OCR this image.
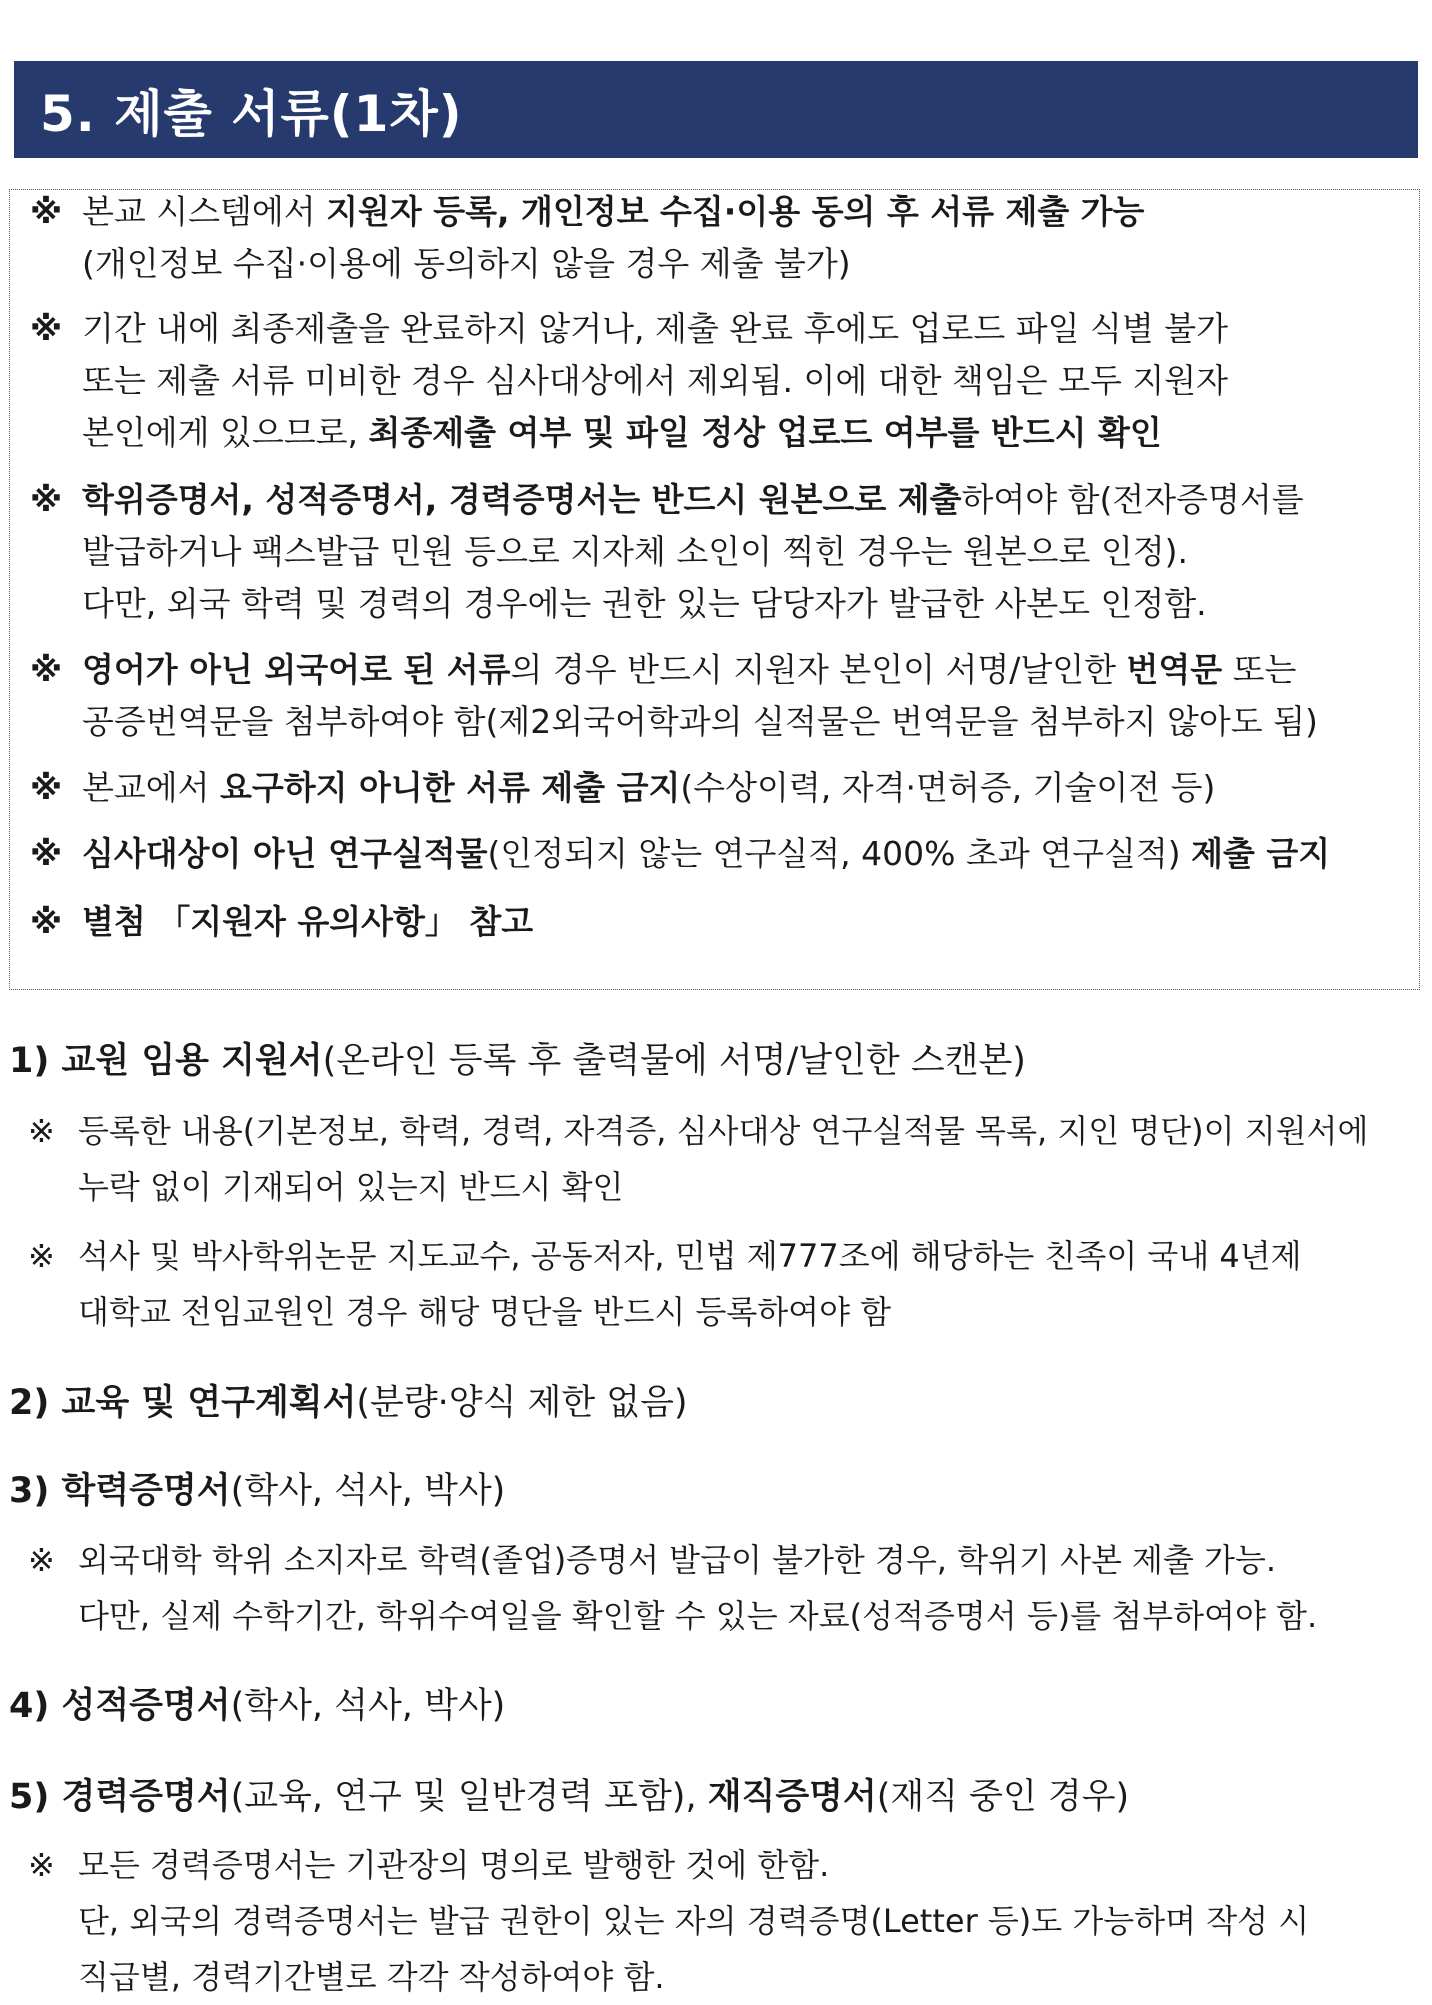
5. 제출 서류(1차)
※ 본교 시스템에서 지원자 등록, 개인정보 수집·이용 동의 후 서류 제출 가능
(개인정보 수집·이용에 동의하지 않을 경우 제출 불가)
※ 기간 내에 최종제출을 완료하지 않거나, 제출 완료 후에도 업로드 파일 식별 불가
또는 제출 서류 미비한 경우 심사대상에서 제외됨. 이에 대한 책임은 모두 지원자
본인에게 있으므로, 최종제출 여부 및 파일 정상 업로드 여부를 반드시 확인
※ 학위증명서, 성적증명서, 경력증명서는 반드시 원본으로 제출하여야 함(전자증명서를
발급하거나 팩스발급 민원 등으로 지자체 소인이 찍힌 경우는 원본으로 인정).
다만, 외국 학력 및 경력의 경우에는 권한 있는 담당자가 발급한 사본도 인정함.
※ 영어가 아닌 외국어로 된 서류의 경우 반드시 지원자 본인이 서명/날인한 번역문 또는
공증번역문을 첨부하여야 함(제2외국어학과의 실적물은 번역문을 첨부하지 않아도 됨)
※ 본교에서 요구하지 아니한 서류 제출 금지(수상이력, 자격·면허증, 기술이전 등)
※ 심사대상이 아닌 연구실적물(인정되지 않는 연구실적, 400% 초과 연구실적) 제출 금지
※ 별첨 「지원자 유의사항」 참고
1) 교원 임용 지원서(온라인 등록 후 출력물에 서명/날인한 스캔본)
※ 등록한 내용(기본정보, 학력, 경력, 자격증, 심사대상 연구실적물 목록, 지인 명단)이 지원서에
누락 없이 기재되어 있는지 반드시 확인
※ 석사 및 박사학위논문 지도교수, 공동저자, 민법 제777조에 해당하는 친족이 국내 4년제
대학교 전임교원인 경우 해당 명단을 반드시 등록하여야 함
2) 교육 및 연구계획서(분량·양식 제한 없음)
3) 학력증명서(학사, 석사, 박사)
※ 외국대학 학위 소지자로 학력(졸업)증명서 발급이 불가한 경우, 학위기 사본 제출 가능.
다만, 실제 수학기간, 학위수여일을 확인할 수 있는 자료(성적증명서 등)를 첨부하여야 함.
4) 성적증명서(학사, 석사, 박사)
5) 경력증명서(교육, 연구 및 일반경력 포함), 재직증명서(재직 중인 경우)
※ 모든 경력증명서는 기관장의 명의로 발행한 것에 한함.
단, 외국의 경력증명서는 발급 권한이 있는 자의 경력증명(Letter 등)도 가능하며 작성 시
직급별, 경력기간별로 각각 작성하여야 함.
